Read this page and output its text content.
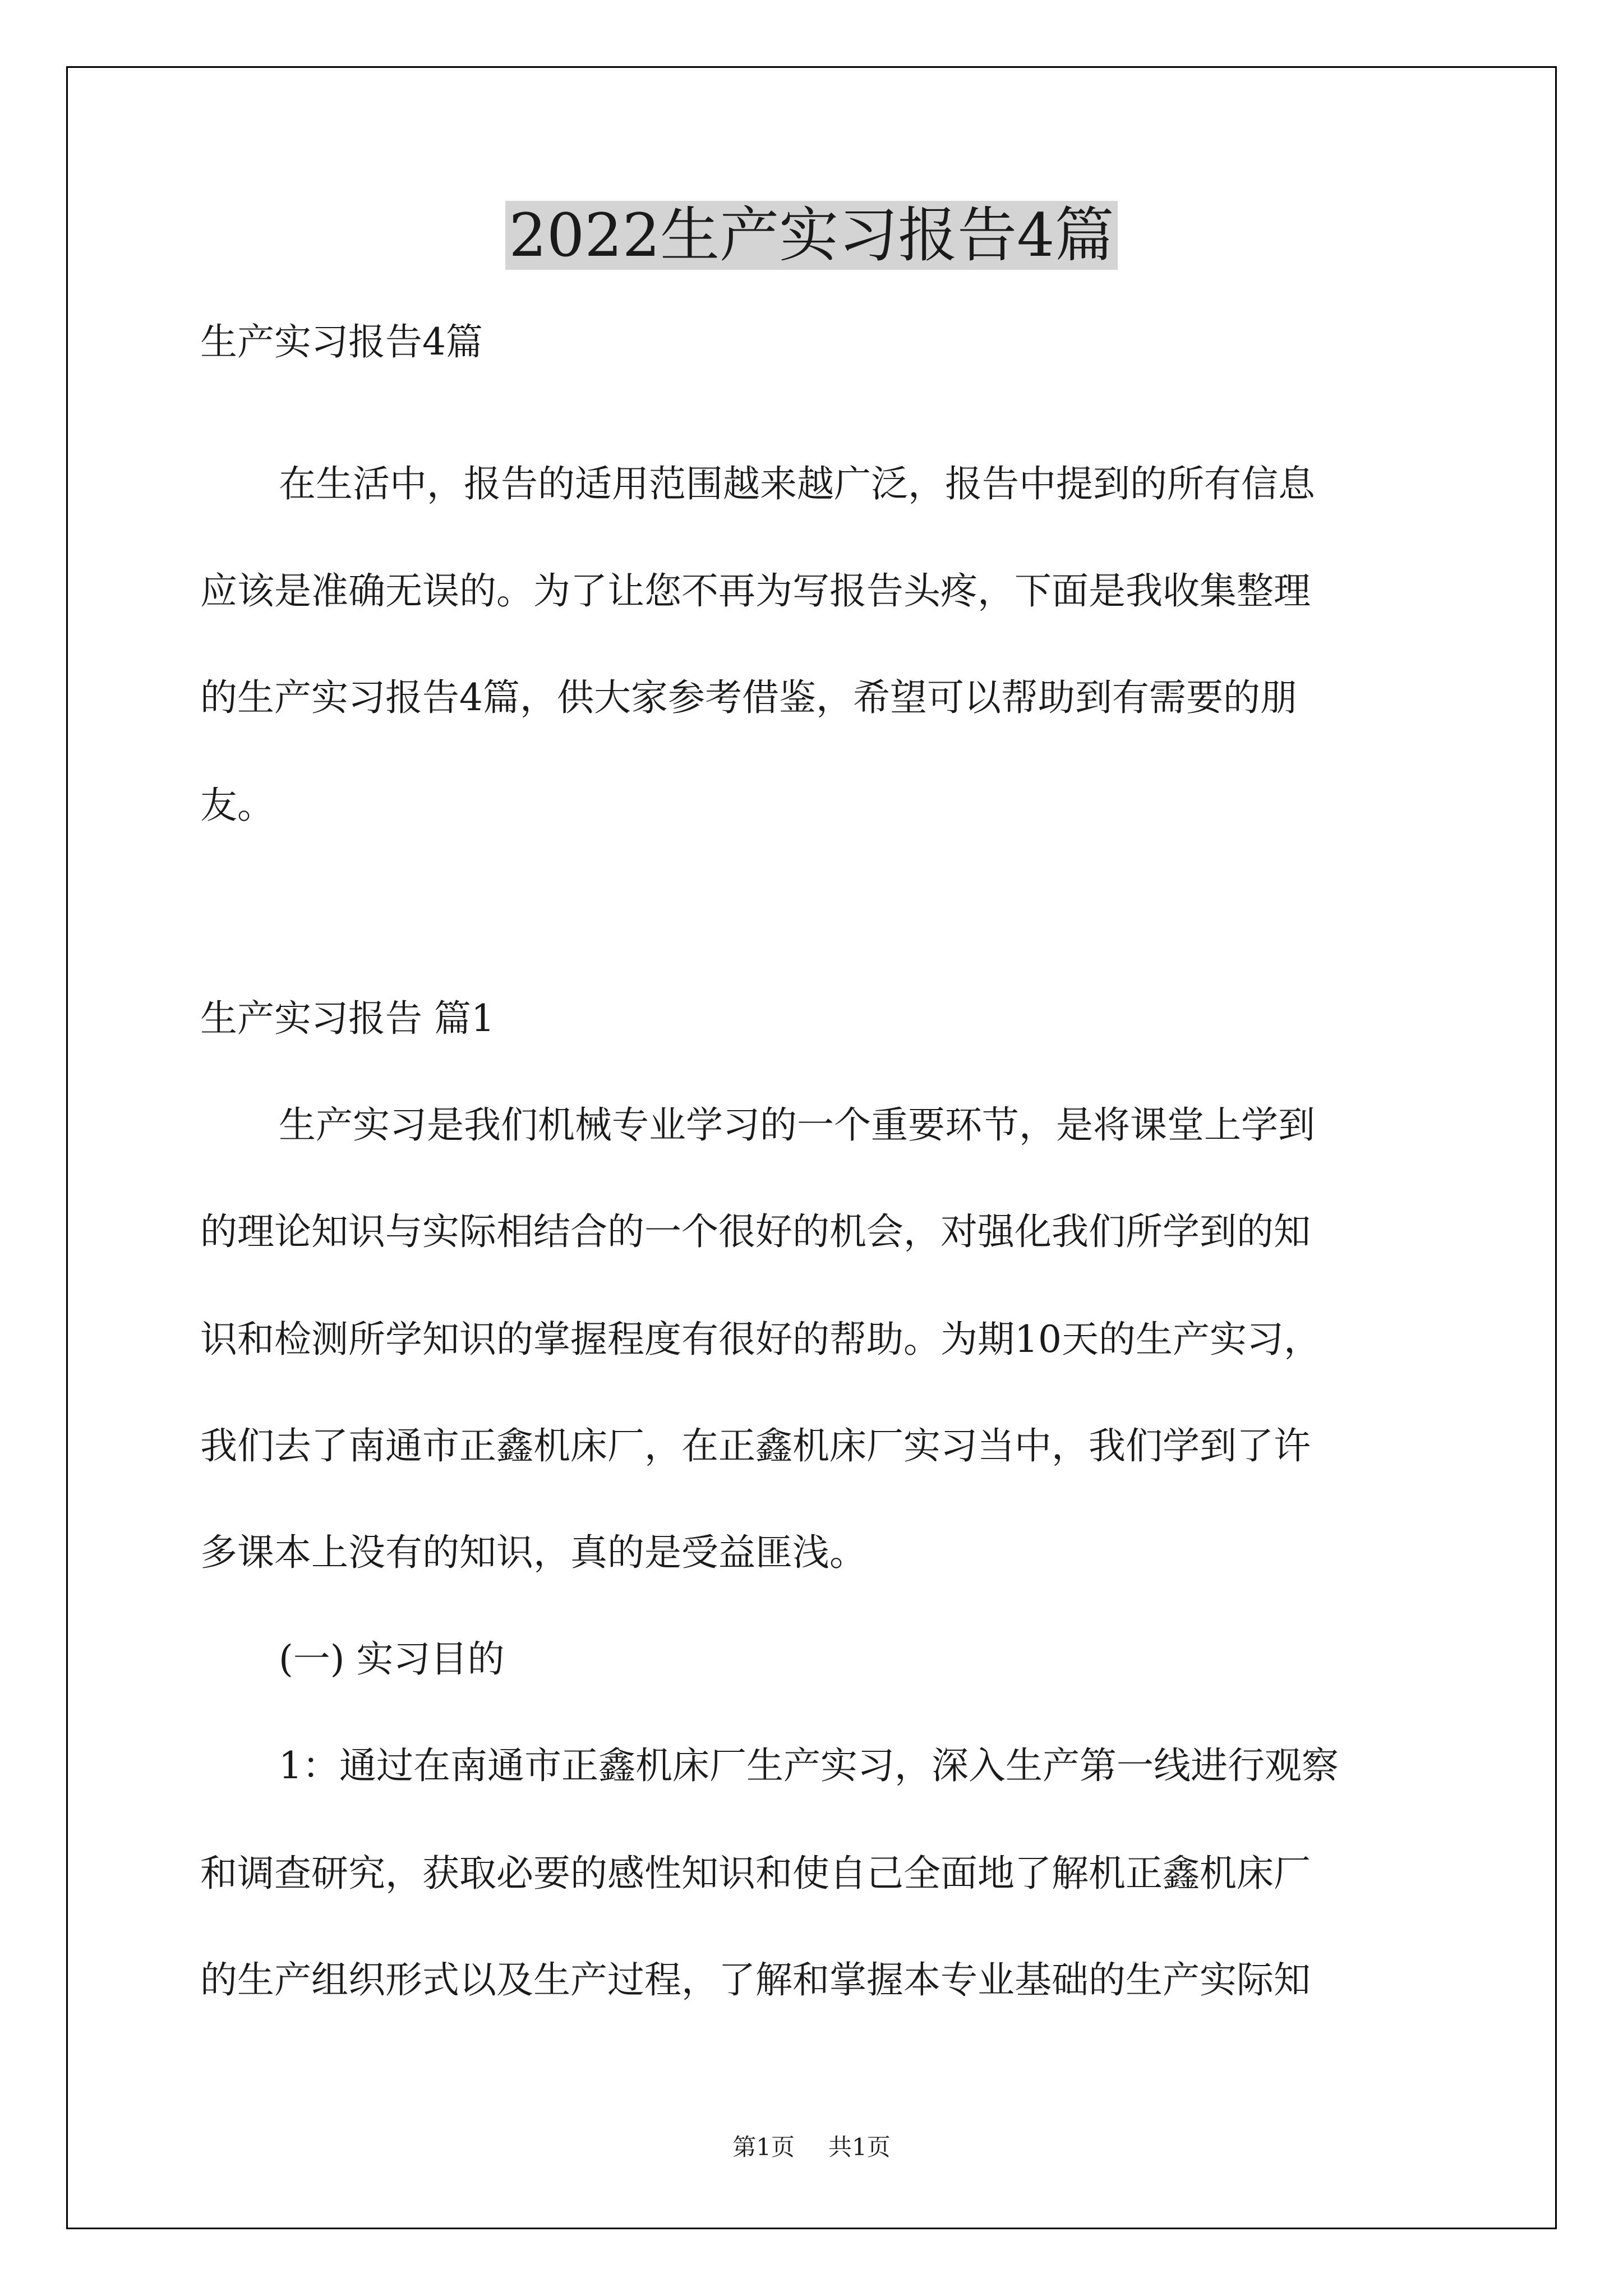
2022生产实习报告4篇

生产实习报告4篇

在生活中，报告的适用范围越来越广泛，报告中提到的所有信息

应该是准确无误的。为了让您不再为写报告头疼，下面是我收集整理

的生产实习报告4篇，供大家参考借鉴，希望可以帮助到有需要的朋

友。

生产实习报告 篇1

生产实习是我们机械专业学习的一个重要环节，是将课堂上学到

的理论知识与实际相结合的一个很好的机会，对强化我们所学到的知

识和检测所学知识的掌握程度有很好的帮助。为期10天的生产实习，

我们去了南通市正鑫机床厂，在正鑫机床厂实习当中，我们学到了许

多课本上没有的知识，真的是受益匪浅。

(一) 实习目的

1：通过在南通市正鑫机床厂生产实习，深入生产第一线进行观察

和调查研究，获取必要的感性知识和使自己全面地了解机正鑫机床厂

的生产组织形式以及生产过程，了解和掌握本专业基础的生产实际知

第1页 共1页
